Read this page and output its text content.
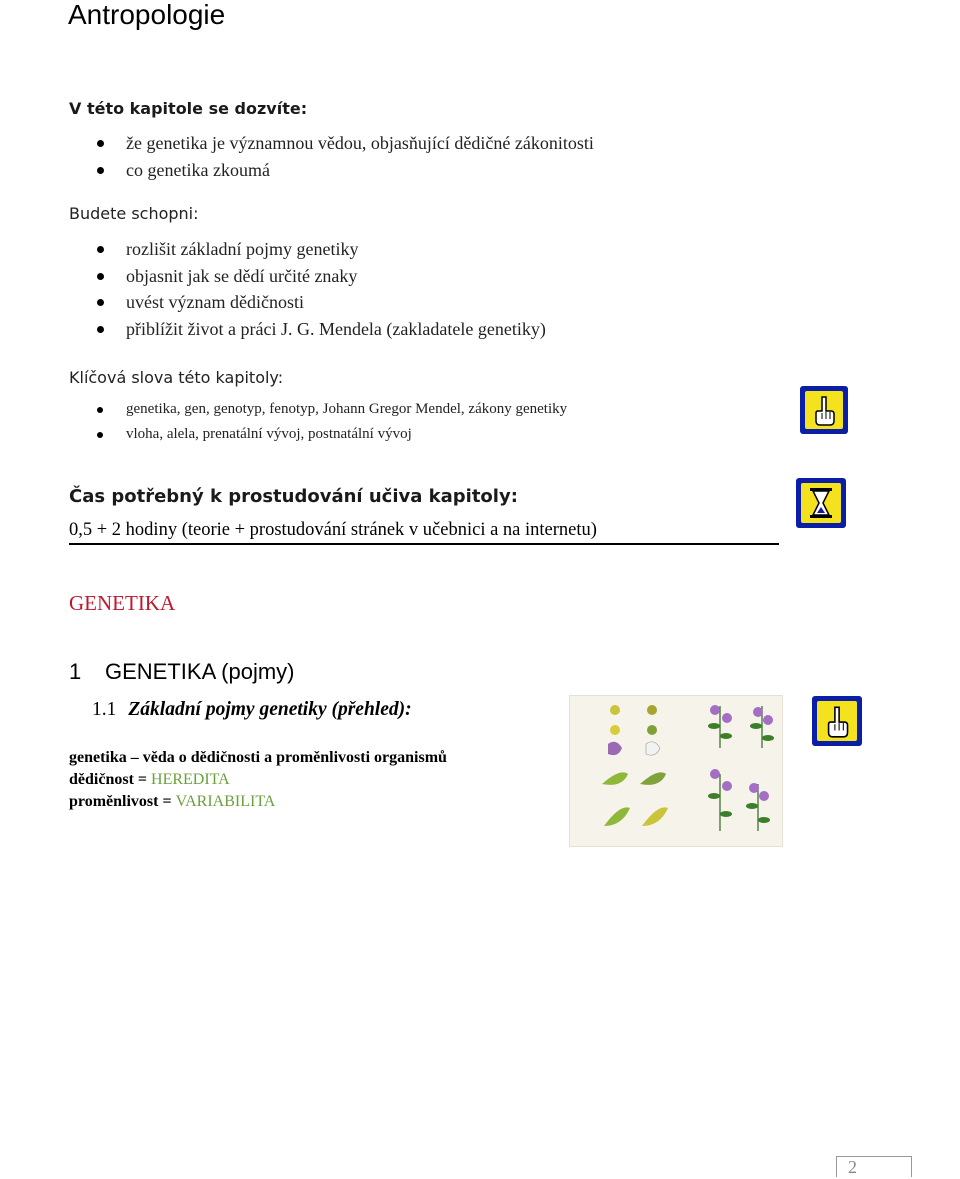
Antropologie
V této kapitole se dozvíte:
že genetika je významnou vědou, objasňující dědičné zákonitosti
co genetika zkoumá
Budete schopni:
rozlišit základní pojmy genetiky
objasnit jak se dědí určité znaky
uvést význam dědičnosti
přiblížit život a práci J. G. Mendela (zakladatele genetiky)
Klíčová slova této kapitoly:
genetika, gen, genotyp, fenotyp, Johann Gregor Mendel, zákony genetiky
vloha, alela, prenatální vývoj, postnatální vývoj
Čas potřebný k prostudování učiva kapitoly:
0,5 + 2 hodiny (teorie + prostudování stránek v učebnici a na internetu)
GENETIKA
1 GENETIKA (pojmy)
1.1 Základní pojmy genetiky (přehled):
genetika – věda o dědičnosti a proměnlivosti organismů
dědičnost = HEREDITA
proměnlivost = VARIABILITA
2
